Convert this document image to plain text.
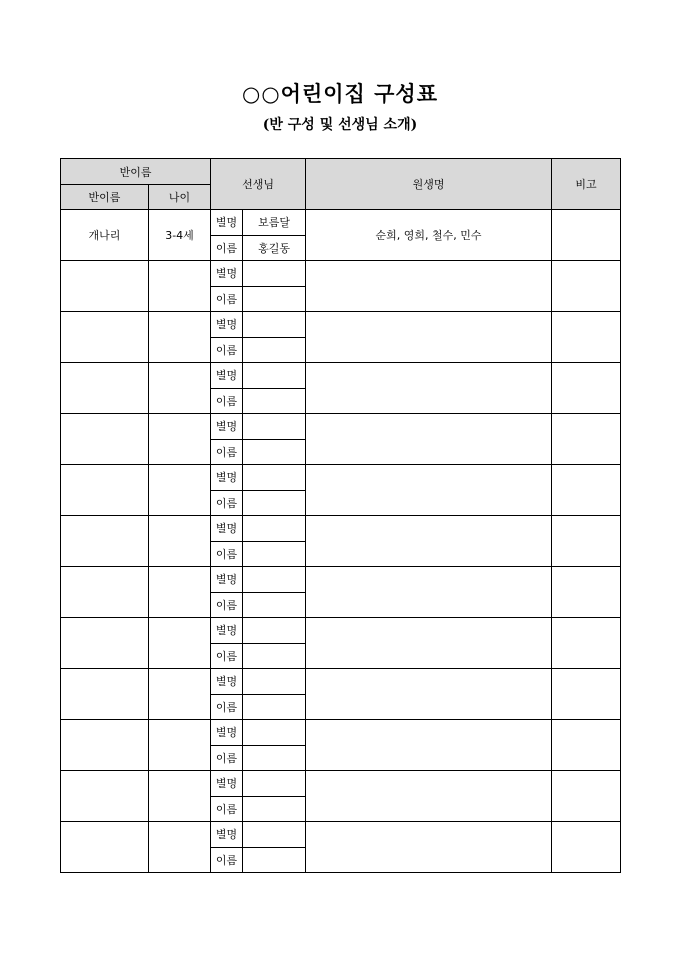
○○어린이집 구성표
(반 구성 및 선생님 소개)
반이름		선생님		원생명	비고
반이름	나이				
개나리	3-4세	별명	보름달	순희, 영희, 철수, 민수	
		이름	홍길동		
		별명			
		이름			
		별명			
		이름			
		별명			
		이름			
		별명			
		이름			
		별명			
		이름			
		별명			
		이름			
		별명			
		이름			
		별명			
		이름			
		별명			
		이름			
		별명			
		이름			
		별명			
		이름			
		별명			
		이름			
